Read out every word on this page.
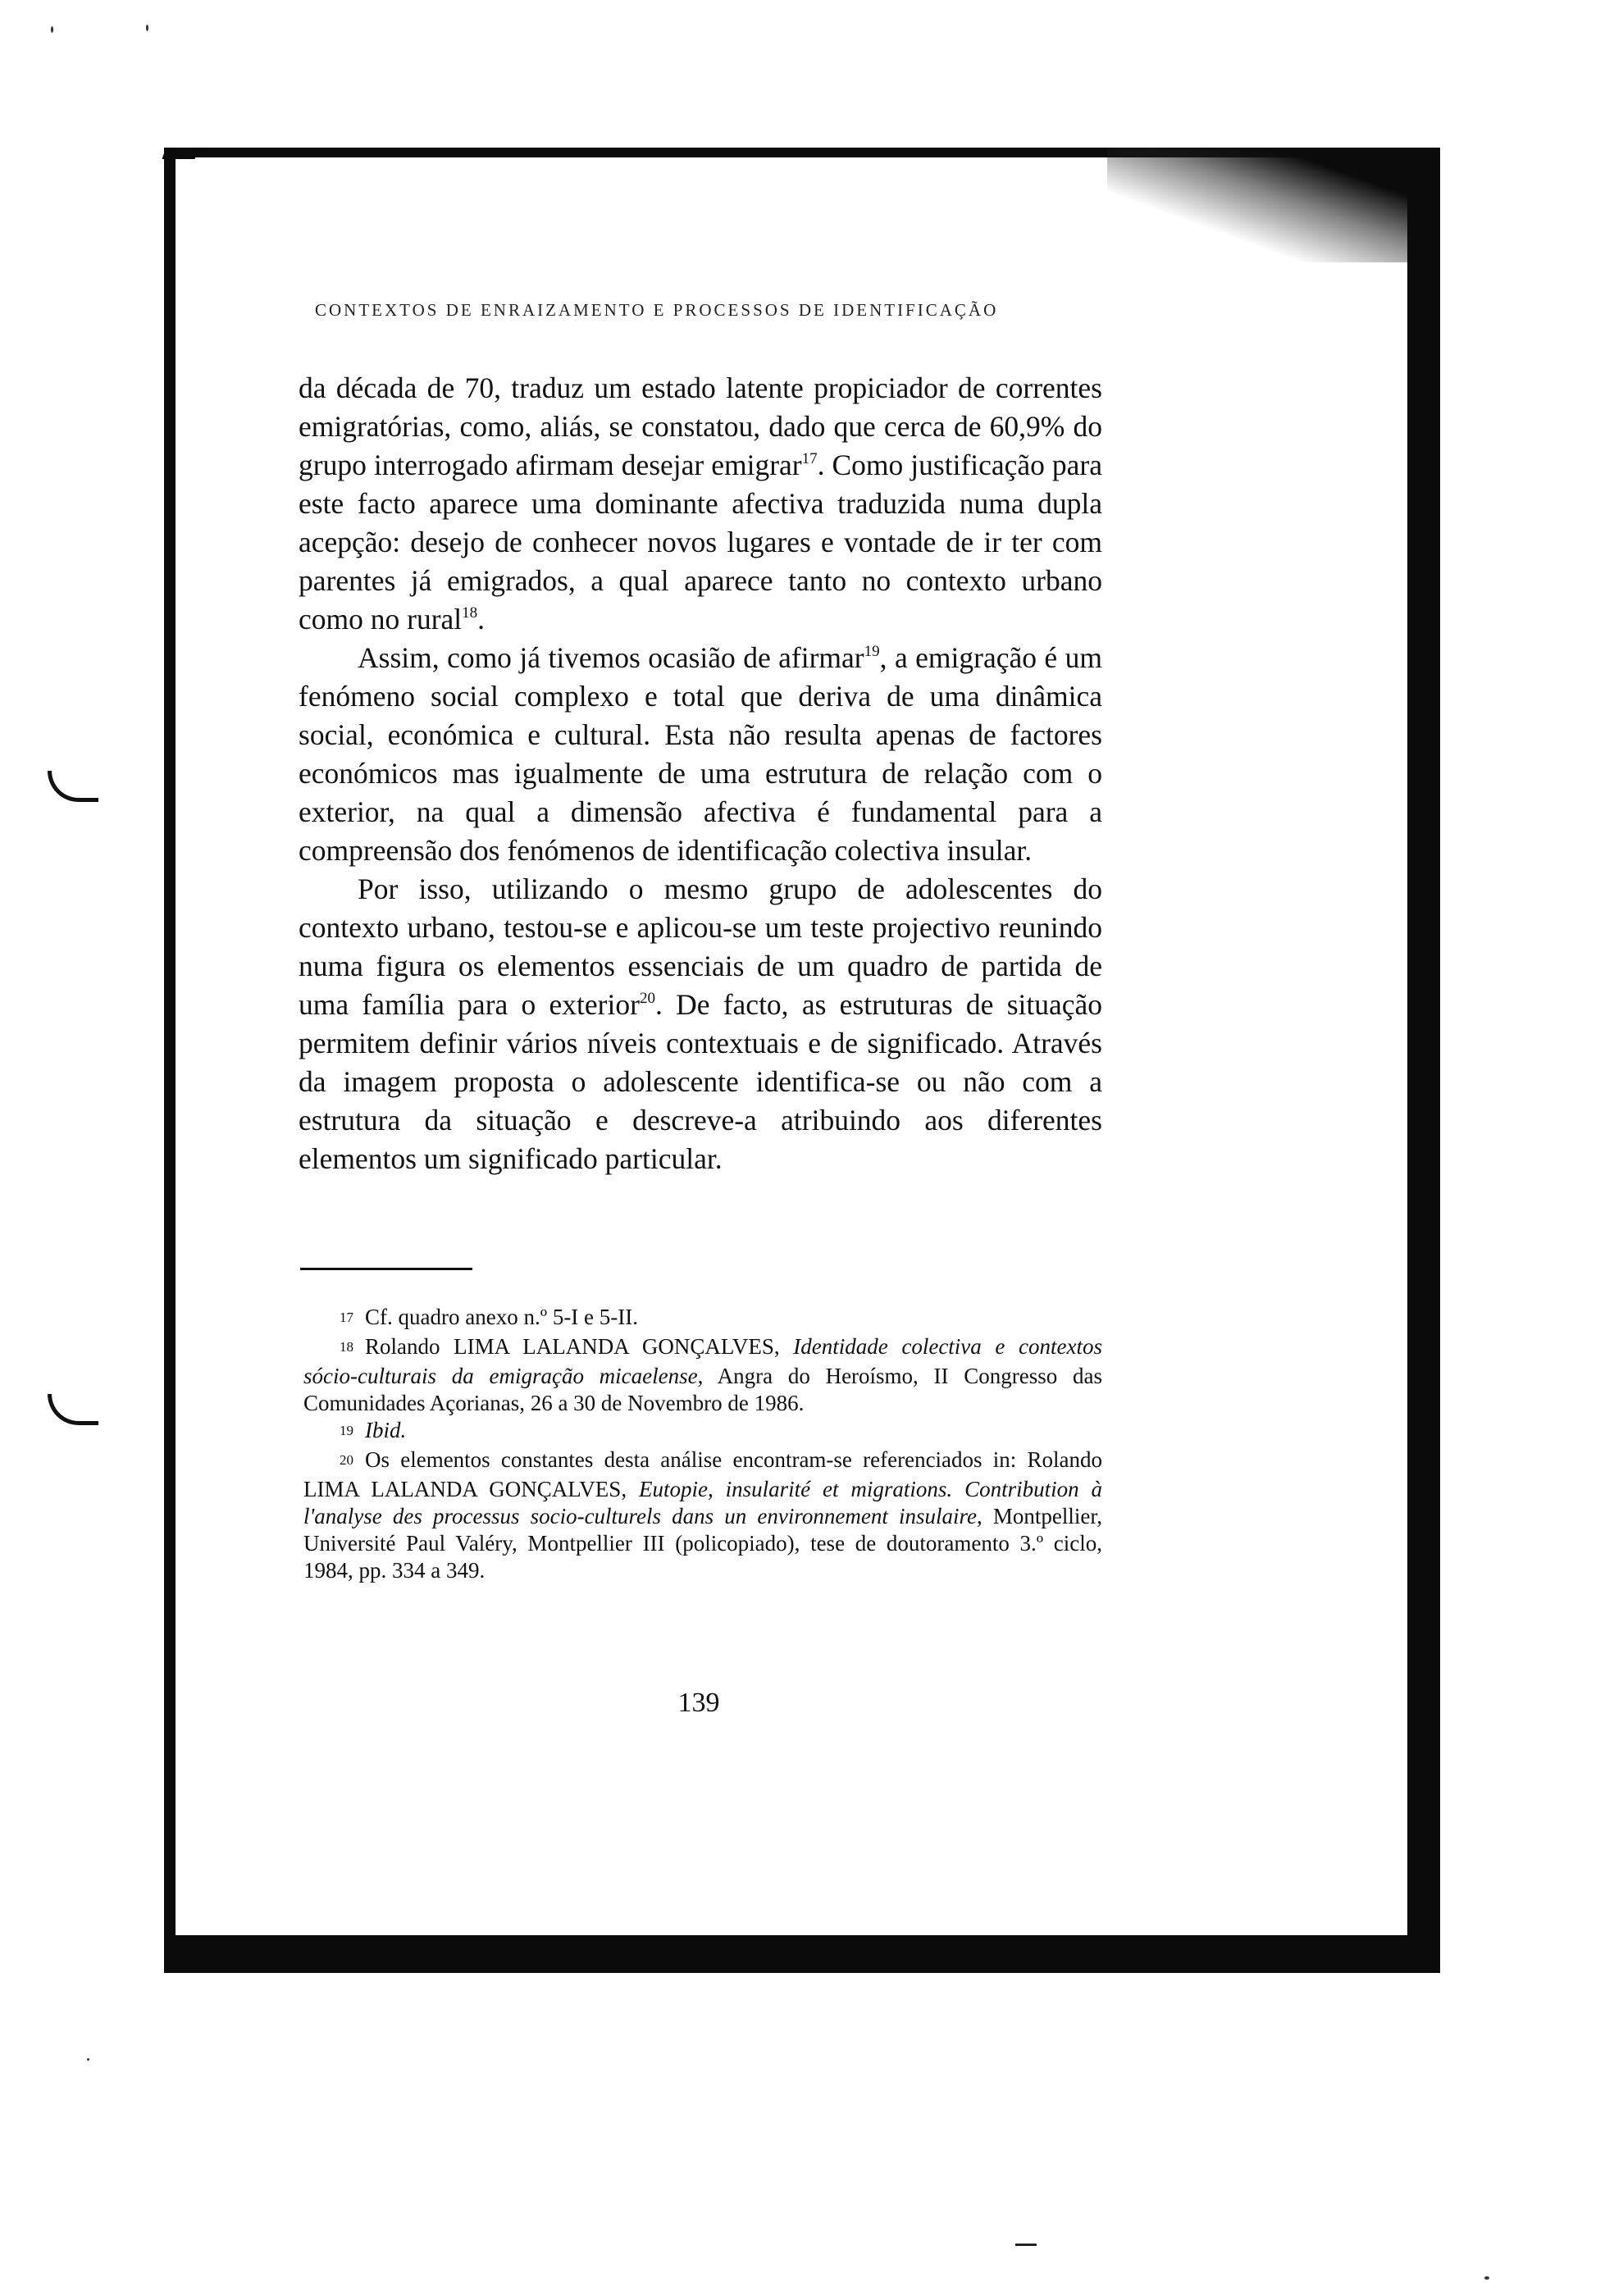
CONTEXTOS DE ENRAIZAMENTO E PROCESSOS DE IDENTIFICAÇÃO

da década de 70, traduz um estado latente propiciador de correntes emigratórias, como, aliás, se constatou, dado que cerca de 60,9% do grupo interrogado afirmam desejar emigrar$^{17}$. Como justificação para este facto aparece uma dominante afectiva traduzida numa dupla acepção: desejo de conhecer novos lugares e vontade de ir ter com parentes já emigrados, a qual aparece tanto no contexto urbano como no rural$^{18}$.

Assim, como já tivemos ocasião de afirmar$^{19}$, a emigração é um fenómeno social complexo e total que deriva de uma dinâmica social, económica e cultural. Esta não resulta apenas de factores económicos mas igualmente de uma estrutura de relação com o exterior, na qual a dimensão afectiva é fundamental para a compreensão dos fenómenos de identificação colectiva insular.

Por isso, utilizando o mesmo grupo de adolescentes do contexto urbano, testou-se e aplicou-se um teste projectivo reunindo numa figura os elementos essenciais de um quadro de partida de uma família para o exterior$^{20}$. De facto, as estruturas de situação permitem definir vários níveis contextuais e de significado. Através da imagem proposta o adolescente identifica-se ou não com a estrutura da situação e descreve-a atribuindo aos diferentes elementos um significado particular.

17 Cf. quadro anexo n.º 5-I e 5-II.
18 Rolando LIMA LALANDA GONÇALVES, Identidade colectiva e contextos sócio-culturais da emigração micaelense, Angra do Heroísmo, II Congresso das Comunidades Açorianas, 26 a 30 de Novembro de 1986.
19 Ibid.
20 Os elementos constantes desta análise encontram-se referenciados in: Rolando LIMA LALANDA GONÇALVES, Eutopie, insularité et migrations. Contribution à l'analyse des processus socio-culturels dans un environnement insulaire, Montpellier, Université Paul Valéry, Montpellier III (policopiado), tese de doutoramento 3.º ciclo, 1984, pp. 334 a 349.
139
